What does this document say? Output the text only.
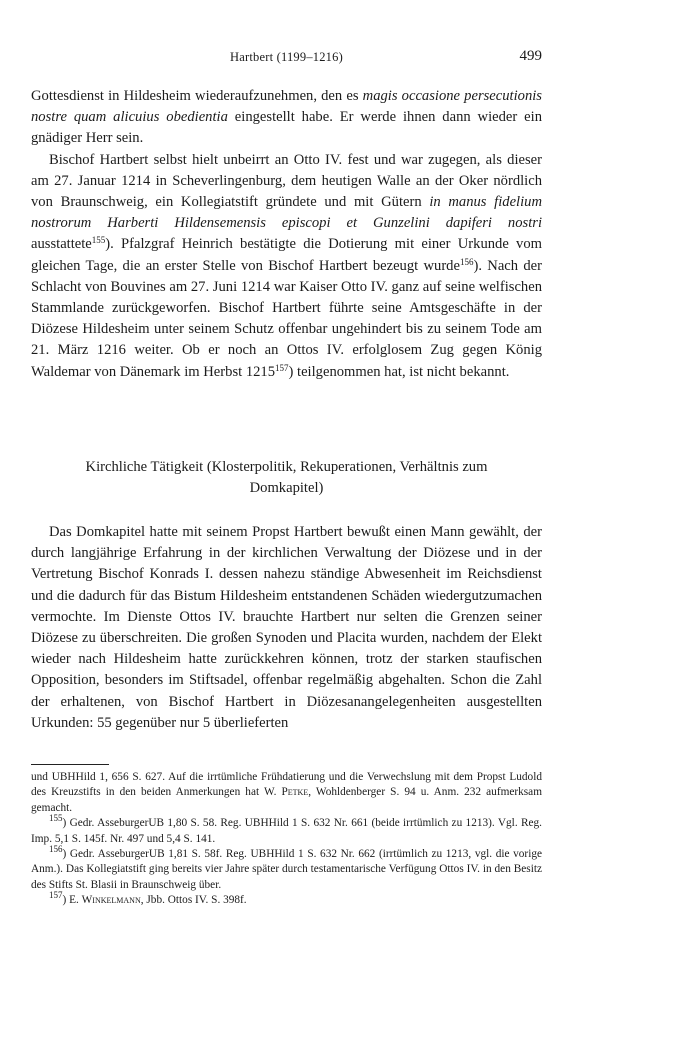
Hartbert (1199–1216)	499

Gottesdienst in Hildesheim wiederaufzunehmen, den es magis occasione persecutionis nostre quam alicuius obedientia eingestellt habe. Er werde ihnen dann wieder ein gnädiger Herr sein.

Bischof Hartbert selbst hielt unbeirrt an Otto IV. fest und war zugegen, als dieser am 27. Januar 1214 in Scheverlingenburg, dem heutigen Walle an der Oker nördlich von Braunschweig, ein Kollegiatstift gründete und mit Gütern in manus fidelium nostrorum Harberti Hildensemensis episcopi et Gunzelini dapiferi nostri ausstattete$^{155}$). Pfalzgraf Heinrich bestätigte die Dotierung mit einer Urkunde vom gleichen Tage, die an erster Stelle von Bischof Hartbert bezeugt wurde$^{156}$). Nach der Schlacht von Bouvines am 27. Juni 1214 war Kaiser Otto IV. ganz auf seine welfischen Stammlande zurückgeworfen. Bischof Hartbert führte seine Amtsgeschäfte in der Diözese Hildesheim unter seinem Schutz offenbar ungehindert bis zu seinem Tode am 21. März 1216 weiter. Ob er noch an Ottos IV. erfolglosem Zug gegen König Waldemar von Dänemark im Herbst 1215$^{157}$) teilgenommen hat, ist nicht bekannt.

Kirchliche Tätigkeit (Klosterpolitik, Rekuperationen, Verhältnis zum Domkapitel)

Das Domkapitel hatte mit seinem Propst Hartbert bewußt einen Mann gewählt, der durch langjährige Erfahrung in der kirchlichen Verwaltung der Diözese und in der Vertretung Bischof Konrads I. dessen nahezu ständige Abwesenheit im Reichsdienst und die dadurch für das Bistum Hildesheim entstandenen Schäden wiedergutzumachen vermochte. Im Dienste Ottos IV. brauchte Hartbert nur selten die Grenzen seiner Diözese zu überschreiten. Die großen Synoden und Placita wurden, nachdem der Elekt wieder nach Hildesheim hatte zurückkehren können, trotz der starken staufischen Opposition, besonders im Stiftsadel, offenbar regelmäßig abgehalten. Schon die Zahl der erhaltenen, von Bischof Hartbert in Diözesanangelegenheiten ausgestellten Urkunden: 55 gegenüber nur 5 überlieferten

und UBHHild 1, 656 S. 627. Auf die irrtümliche Frühdatierung und die Verwechslung mit dem Propst Ludold des Kreuzstifts in den beiden Anmerkungen hat W. Petke, Wohldenberger S. 94 u. Anm. 232 aufmerksam gemacht.

$^{155}$) Gedr. AsseburgerUB 1,80 S. 58. Reg. UBHHild 1 S. 632 Nr. 661 (beide irrtümlich zu 1213). Vgl. Reg. Imp. 5,1 S. 145f. Nr. 497 und 5,4 S. 141.

$^{156}$) Gedr. AsseburgerUB 1,81 S. 58f. Reg. UBHHild 1 S. 632 Nr. 662 (irrtümlich zu 1213, vgl. die vorige Anm.). Das Kollegiatstift ging bereits vier Jahre später durch testamentarische Verfügung Ottos IV. in den Besitz des Stifts St. Blasii in Braunschweig über.

$^{157}$) E. Winkelmann, Jbb. Ottos IV. S. 398f.
